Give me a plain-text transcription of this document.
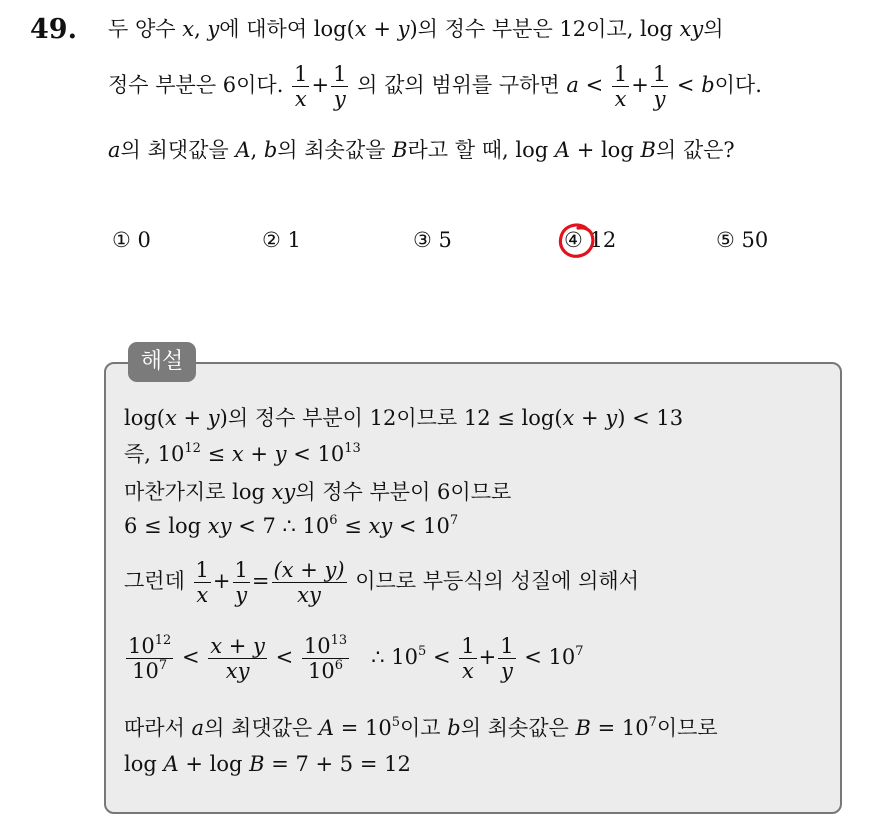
49. 두 양수 x, y에 대하여 log(x + y)의 정수 부분은 12이고, log xy의
정수 부분은 6이다. $\frac{1}{x} + \frac{1}{y}$ 의 값의 범위를 구하면 $a < \frac{1}{x} + \frac{1}{y} < b$이다.
a의 최댓값을 A, b의 최솟값을 B라고 할 때, log A + log B의 값은?
① 0	② 1	③ 5	④ 12	⑤ 50
해설
log(x + y)의 정수 부분이 12이므로 12 ≤ log(x + y) < 13
즉, $10^{12} \le x + y < 10^{13}$
마찬가지로 log xy의 정수 부분이 6이므로
6 ≤ log xy < 7 ∴ $10^6$ ≤ xy < $10^7$
그런데 $\frac{1}{x} + \frac{1}{y} = \frac{(x + y)}{xy}$ 이므로 부등식의 성질에 의해서
$\frac{10^{12}}{10^7} < \frac{x + y}{xy} < \frac{10^{13}}{10^6}$ ∴ $10^5 < \frac{1}{x} + \frac{1}{y} < 10^7$
따라서 a의 최댓값은 $A = 10^5$이고 b의 최솟값은 $B = 10^7$이므로
log A + log B = 7 + 5 = 12
